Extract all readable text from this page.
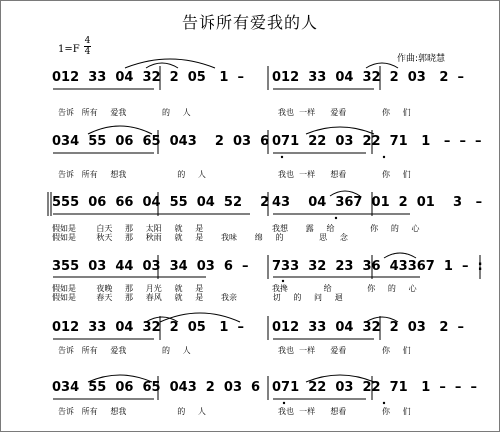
告诉所有爱我的人
1=F
4
4
作曲:郭晓慧
012  33  04  32  2  05   1  – 012  33  04  32  2  03   2  –
告诉   所有     爱我              的     人	我也  一样      爱看              你     们
034  55  06  65  043    2  03  6 071  22  03  22  71   1   –  –  –
告诉   所有     想我                    的     人	我也  一样      想看              你     们
555  06  66  04  55  04  52    2 43    04  367  01  2  01    3   –
假如是        白天     那     太阳     就     是	我想       露     给              你     的     心
假如是        秋天     那     秋雨     就     是       我味       绵     的              思     念
355  03  44  03  34  03  6  – 733  32  23  36  43367  1  –  :
假如是        夜晚     那     月光     就     是	我搀              给              你     的     心
假如是        春天     那     春风     就     是       我亲              切     的     问     迴
012  33  04  32  2  05   1  – 012  33  04  32  2  03   2  –
告诉   所有     爱我              的     人	我也  一样      爱看              你     们
034  55  06  65  043  2  03  6 071  22  03  22  71   1  –  –  –
告诉   所有     想我                    的     人	我也  一样      想看              你     们
